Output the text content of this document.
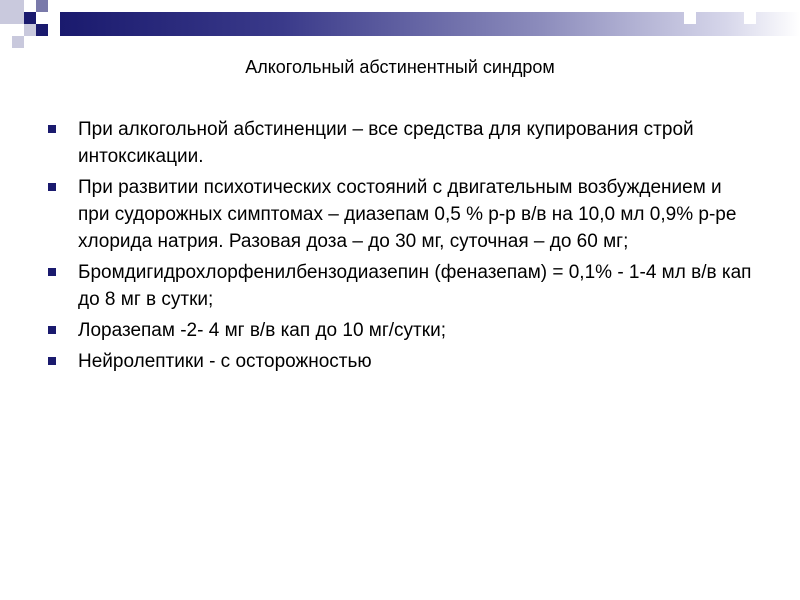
Алкогольный абстинентный синдром
При алкогольной абстиненции – все средства для купирования строй интоксикации.
При развитии психотических состояний с двигательным возбуждением и при судорожных симптомах – диазепам 0,5 % р-р в/в на 10,0 мл 0,9% р-ре хлорида натрия. Разовая доза – до 30 мг, суточная – до 60 мг;
Бромдигидрохлорфенилбензодиазепин (феназепам) = 0,1% - 1-4 мл в/в кап до 8 мг в сутки;
Лоразепам -2- 4 мг в/в кап до 10 мг/сутки;
Нейролептики - с осторожностью
